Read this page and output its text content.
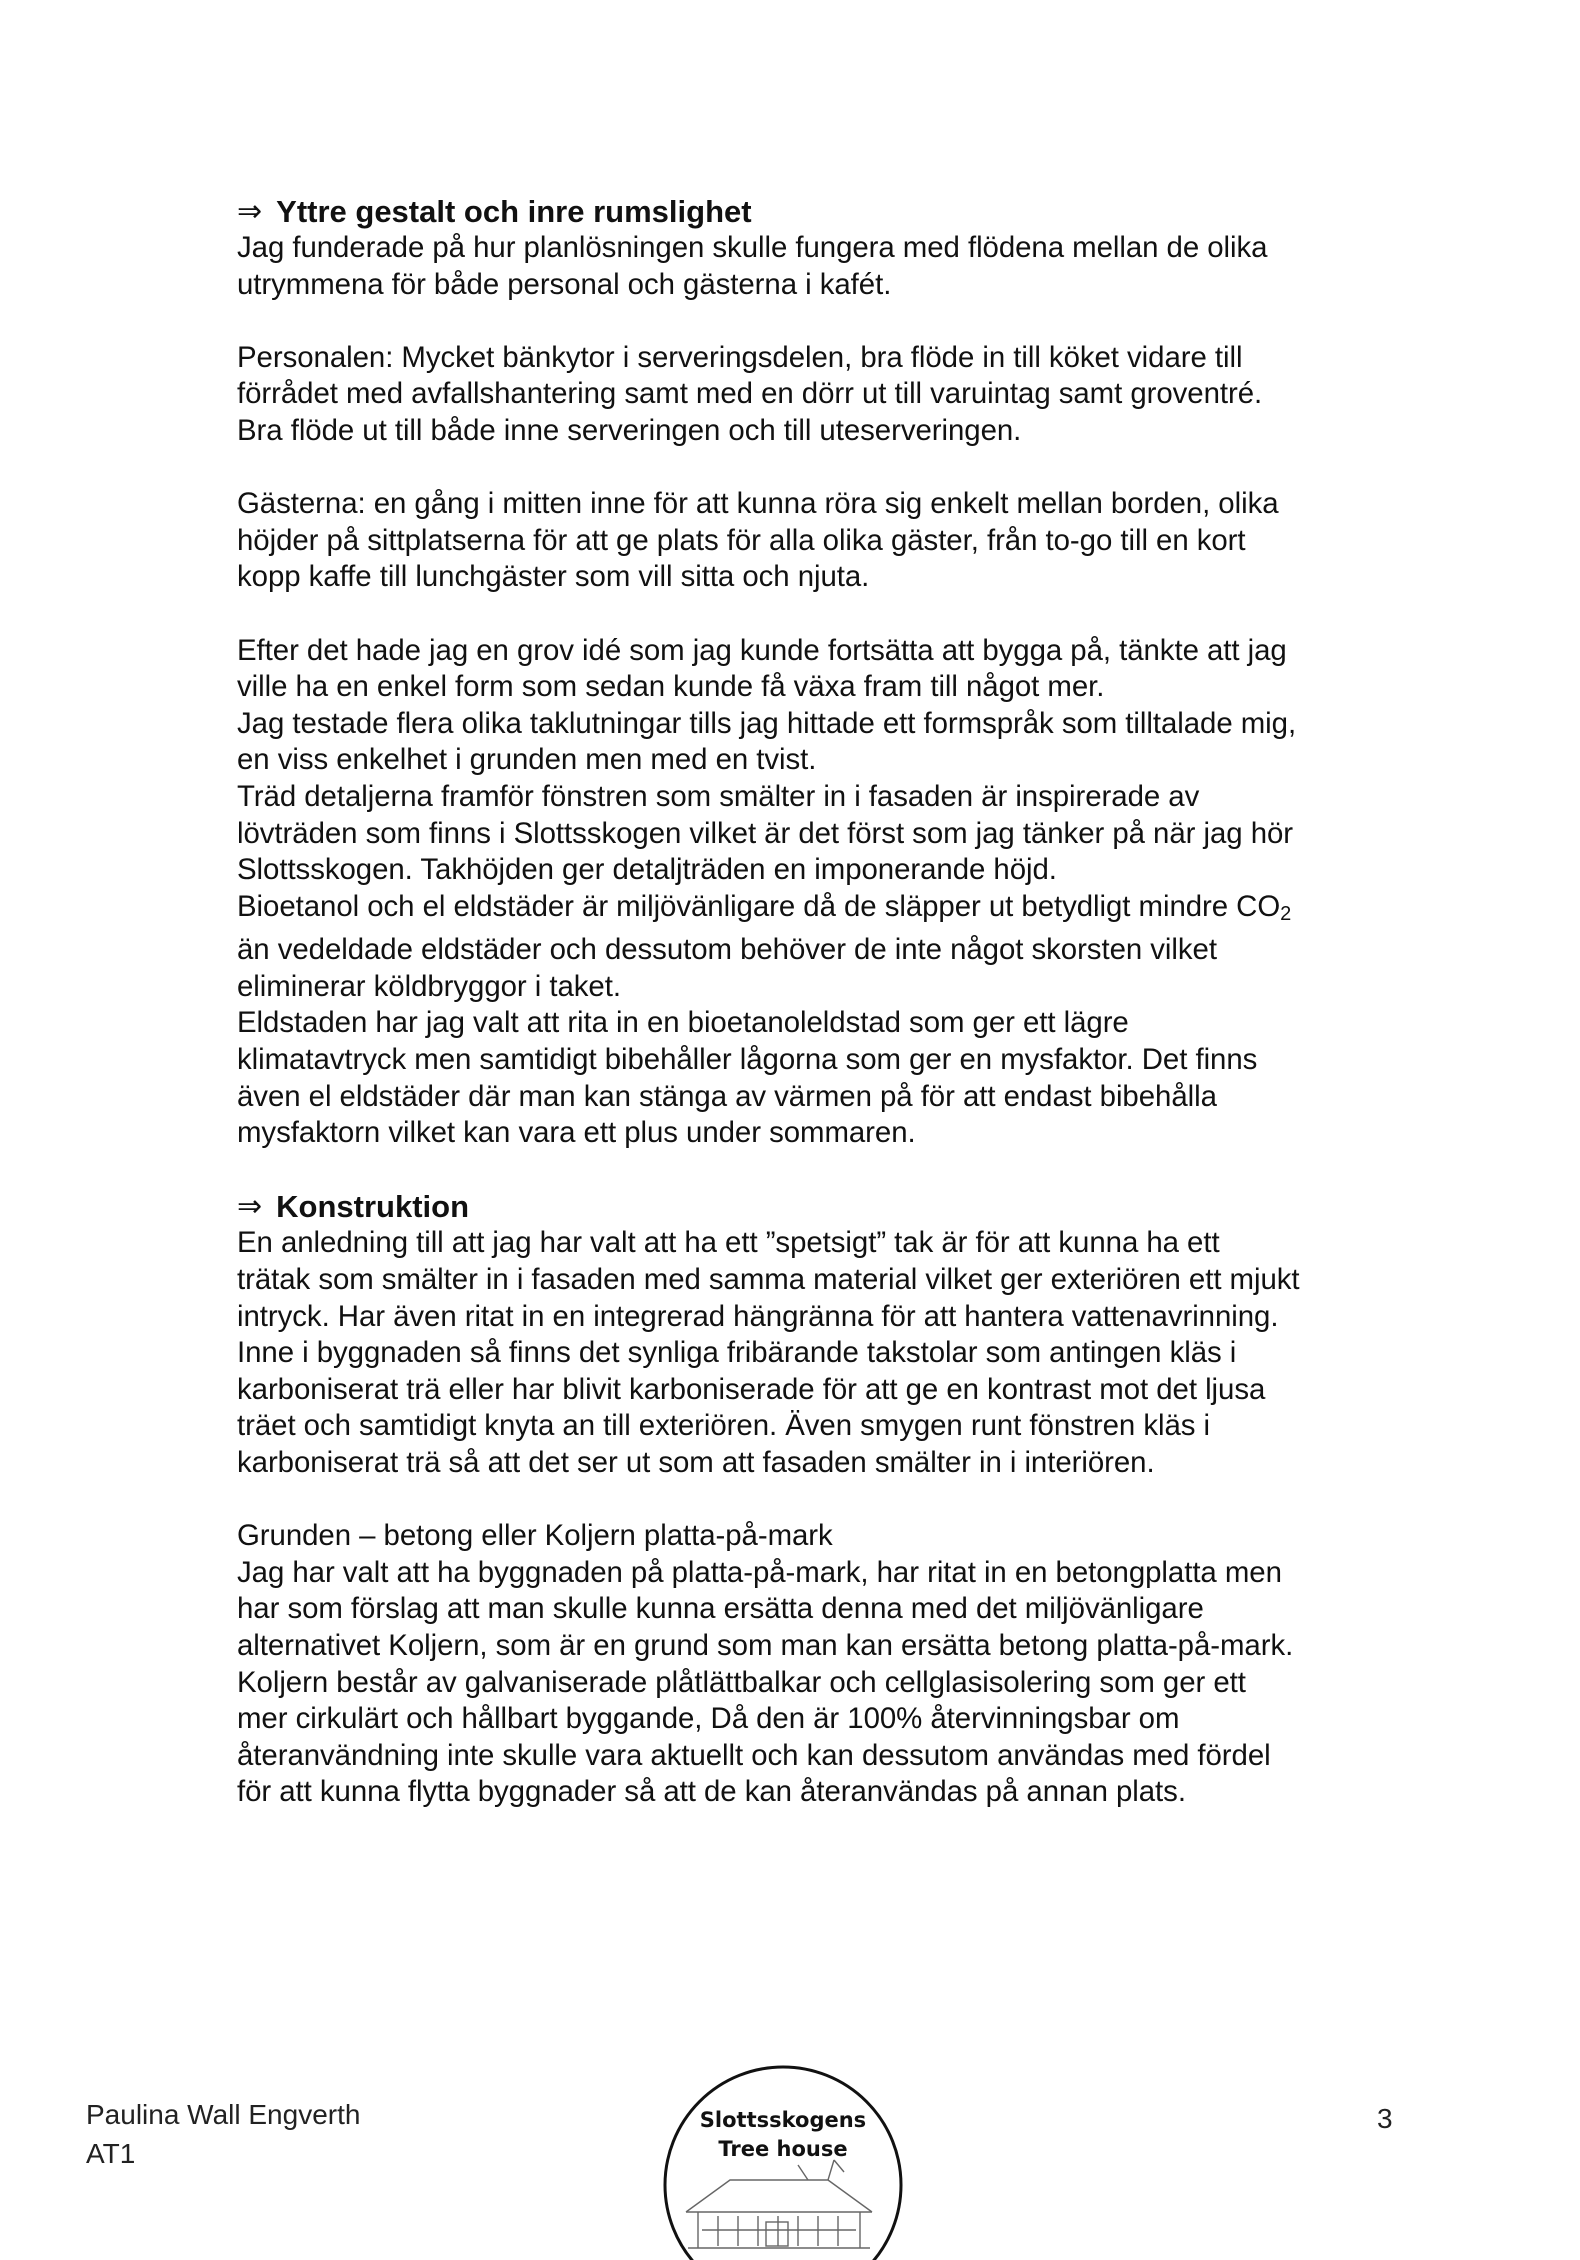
⇒ Yttre gestalt och inre rumslighet

Jag funderade på hur planlösningen skulle fungera med flödena mellan de olika
utrymmena för både personal och gästerna i kafét.

Personalen: Mycket bänkytor i serveringsdelen, bra flöde in till köket vidare till
förrådet med avfallshantering samt med en dörr ut till varuintag samt groventré.
Bra flöde ut till både inne serveringen och till uteserveringen.

Gästerna: en gång i mitten inne för att kunna röra sig enkelt mellan borden, olika
höjder på sittplatserna för att ge plats för alla olika gäster, från to-go till en kort
kopp kaffe till lunchgäster som vill sitta och njuta.

Efter det hade jag en grov idé som jag kunde fortsätta att bygga på, tänkte att jag
ville ha en enkel form som sedan kunde få växa fram till något mer.
Jag testade flera olika taklutningar tills jag hittade ett formspråk som tilltalade mig,
en viss enkelhet i grunden men med en tvist.
Träd detaljerna framför fönstren som smälter in i fasaden är inspirerade av
lövträden som finns i Slottsskogen vilket är det först som jag tänker på när jag hör
Slottsskogen. Takhöjden ger detaljträden en imponerande höjd.
Bioetanol och el eldstäder är miljövänligare då de släpper ut betydligt mindre $CO_2$
än vedeldade eldstäder och dessutom behöver de inte något skorsten vilket
eliminerar köldbryggor i taket.
Eldstaden har jag valt att rita in en bioetanoleldstad som ger ett lägre
klimatavtryck men samtidigt bibehåller lågorna som ger en mysfaktor. Det finns
även el eldstäder där man kan stänga av värmen på för att endast bibehålla
mysfaktorn vilket kan vara ett plus under sommaren.

⇒ Konstruktion

En anledning till att jag har valt att ha ett ”spetsigt” tak är för att kunna ha ett
trätak som smälter in i fasaden med samma material vilket ger exteriören ett mjukt
intryck. Har även ritat in en integrerad hängränna för att hantera vattenavrinning.
Inne i byggnaden så finns det synliga fribärande takstolar som antingen kläs i
karboniserat trä eller har blivit karboniserade för att ge en kontrast mot det ljusa
träet och samtidigt knyta an till exteriören. Även smygen runt fönstren kläs i
karboniserat trä så att det ser ut som att fasaden smälter in i interiören.

Grunden – betong eller Koljern platta-på-mark
Jag har valt att ha byggnaden på platta-på-mark, har ritat in en betongplatta men
har som förslag att man skulle kunna ersätta denna med det miljövänligare
alternativet Koljern, som är en grund som man kan ersätta betong platta-på-mark.
Koljern består av galvaniserade plåtlättbalkar och cellglasisolering som ger ett
mer cirkulärt och hållbart byggande, Då den är 100% återvinningsbar om
återanvändning inte skulle vara aktuellt och kan dessutom användas med fördel
för att kunna flytta byggnader så att de kan återanvändas på annan plats.

Paulina Wall Engverth
AT1
Slottsskogens
Tree house
3
